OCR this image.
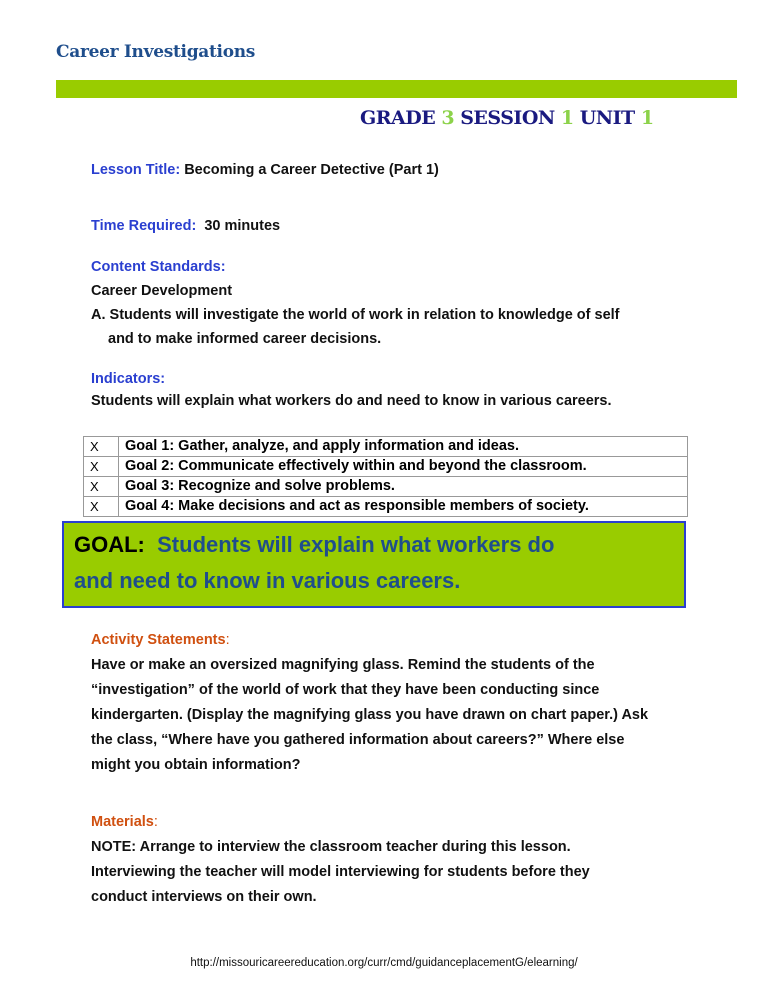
Career Investigations
GRADE 3 SESSION 1 UNIT 1
Lesson Title: Becoming a Career Detective (Part 1)
Time Required: 30 minutes
Content Standards:
Career Development
A. Students will investigate the world of work in relation to knowledge of self
and to make informed career decisions.
Indicators:
Students will explain what workers do and need to know in various careers.
X	Goal 1: Gather, analyze, and apply information and ideas.
X	Goal 2: Communicate effectively within and beyond the classroom.
X	Goal 3: Recognize and solve problems.
X	Goal 4: Make decisions and act as responsible members of society.
GOAL: Students will explain what workers do
and need to know in various careers.
Activity Statements:
Have or make an oversized magnifying glass. Remind the students of the
“investigation” of the world of work that they have been conducting since
kindergarten. (Display the magnifying glass you have drawn on chart paper.) Ask
the class, “Where have you gathered information about careers?” Where else
might you obtain information?
Materials:
NOTE: Arrange to interview the classroom teacher during this lesson.
Interviewing the teacher will model interviewing for students before they
conduct interviews on their own.
http://missouricareereducation.org/curr/cmd/guidanceplacementG/elearning/
